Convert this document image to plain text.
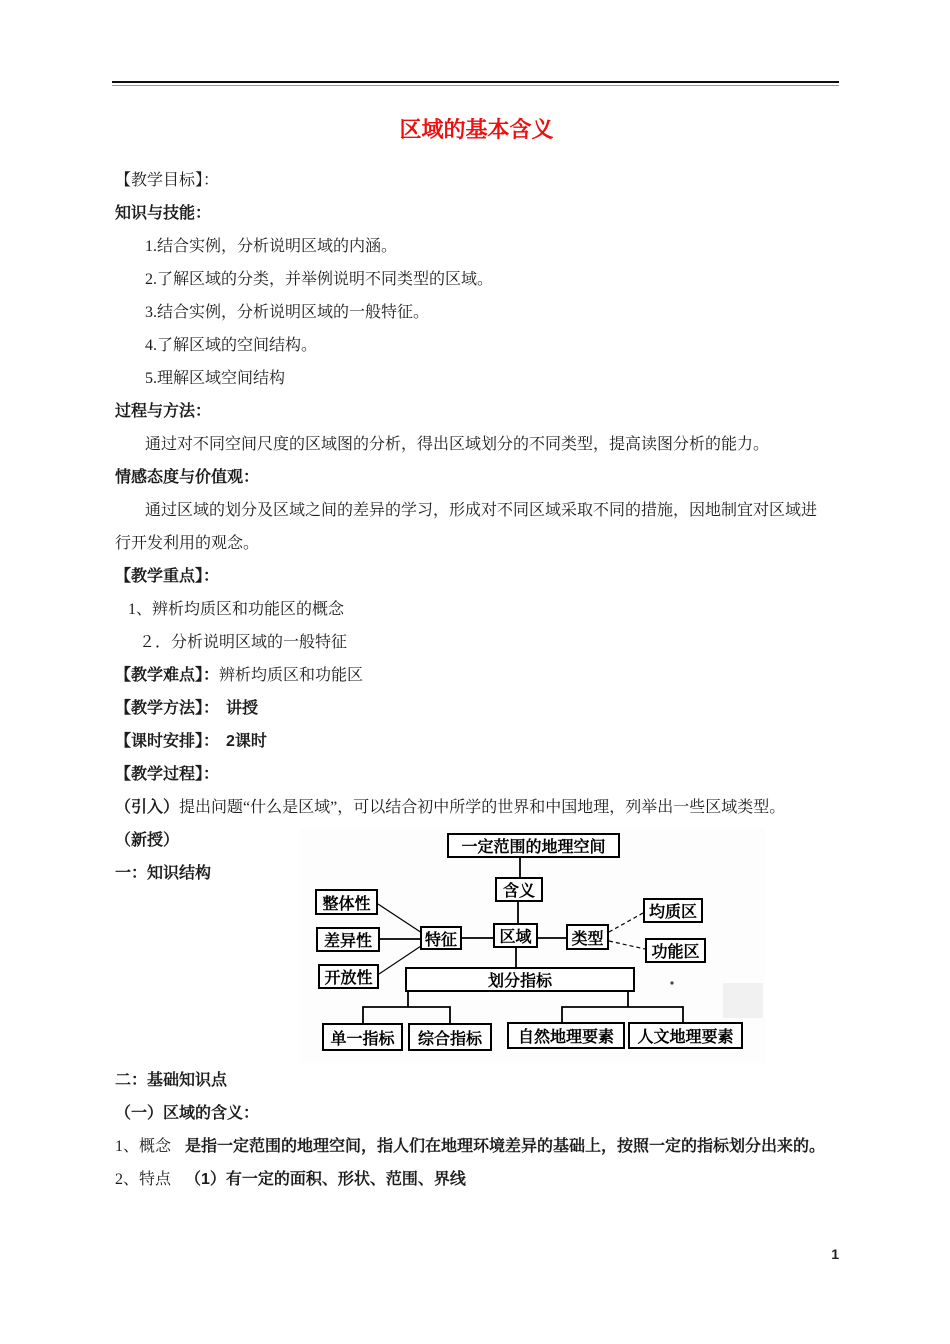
区域的基本含义

【教学目标】：

知识与技能：

1.结合实例，分析说明区域的内涵。

2.了解区域的分类，并举例说明不同类型的区域。

3.结合实例，分析说明区域的一般特征。

4.了解区域的空间结构。

5.理解区域空间结构

过程与方法：

通过对不同空间尺度的区域图的分析，得出区域划分的不同类型，提高读图分析的能力。

情感态度与价值观：

通过区域的划分及区域之间的差异的学习，形成对不同区域采取不同的措施，因地制宜对区域进

行开发利用的观念。

【教学重点】：

1、辨析均质区和功能区的概念

２．分析说明区域的一般特征

【教学难点】：辨析均质区和功能区

【教学方法】： 讲授

【课时安排】： 2课时

【教学过程】：

（引入）提出问题“什么是区域”，可以结合初中所学的世界和中国地理，列举出一些区域类型。

（新授）

一：知识结构

一定范围的地理空间
含义
整体性
差异性
开放性
特征	区域	类型
均质区
功能区
划分指标
单一指标	综合指标	自然地理要素	人文地理要素

二：基础知识点

（一）区域的含义：

1、概念 是指一定范围的地理空间，指人们在地理环境差异的基础上，按照一定的指标划分出来的。

2、特点 （1）有一定的面积、形状、范围、界线

1
